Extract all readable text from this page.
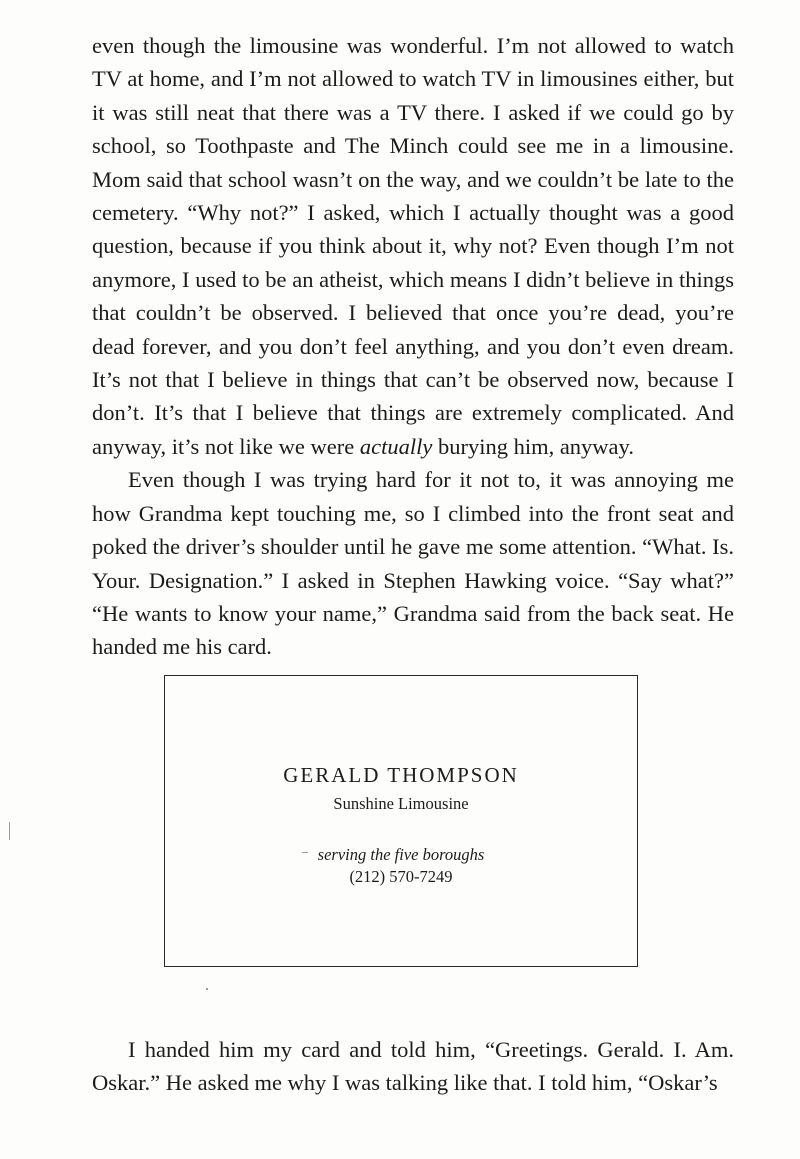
even though the limousine was wonderful. I’m not allowed to watch TV at home, and I’m not allowed to watch TV in limousines either, but it was still neat that there was a TV there. I asked if we could go by school, so Toothpaste and The Minch could see me in a limousine. Mom said that school wasn’t on the way, and we couldn’t be late to the cemetery. “Why not?” I asked, which I actually thought was a good question, because if you think about it, why not? Even though I’m not anymore, I used to be an atheist, which means I didn’t believe in things that couldn’t be observed. I believed that once you’re dead, you’re dead forever, and you don’t feel anything, and you don’t even dream. It’s not that I believe in things that can’t be observed now, because I don’t. It’s that I believe that things are extremely complicated. And anyway, it’s not like we were actually burying him, anyway.

Even though I was trying hard for it not to, it was annoying me how Grandma kept touching me, so I climbed into the front seat and poked the driver’s shoulder until he gave me some attention. “What. Is. Your. Designation.” I asked in Stephen Hawking voice. “Say what?” “He wants to know your name,” Grandma said from the back seat. He handed me his card.

GERALD THOMPSON
Sunshine Limousine
serving the five boroughs
(212) 570-7249

I handed him my card and told him, “Greetings. Gerald. I. Am. Oskar.” He asked me why I was talking like that. I told him, “Oskar’s
